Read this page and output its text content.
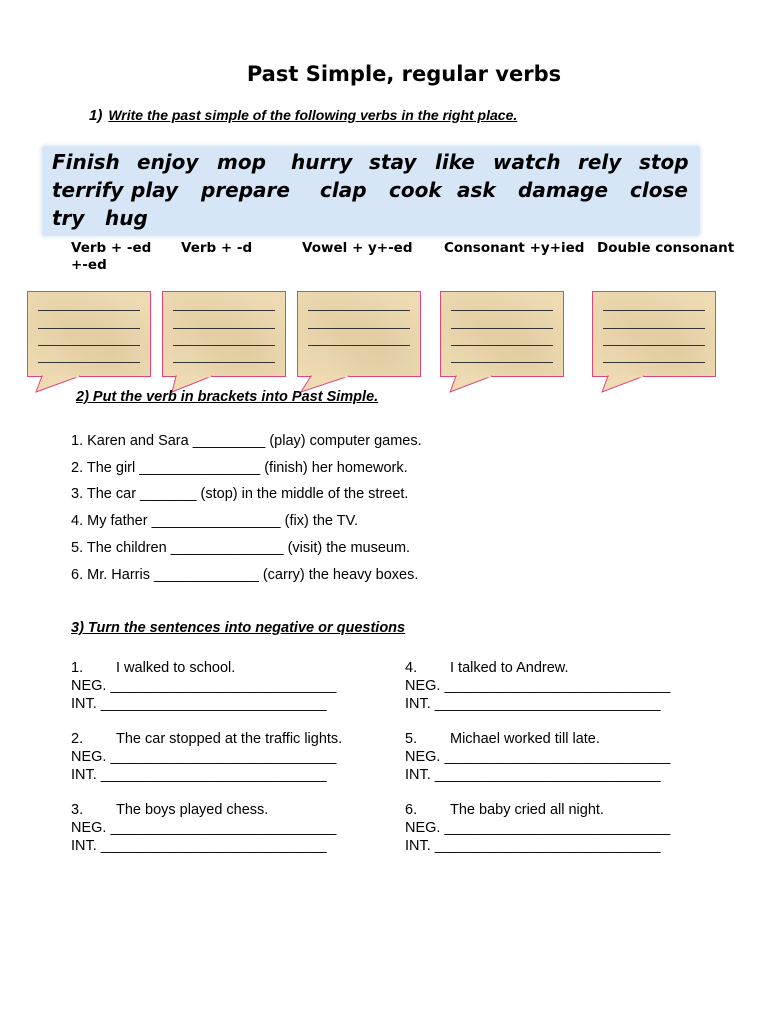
Past Simple, regular verbs
1) Write the past simple of the following verbs in the right place.
Finish enjoy mop hurry stay like watch rely stop
terrify play prepare clap cook ask damage close
try hug
Verb + -ed
+-ed
Verb + -d	Vowel + y+-ed Consonant +y+ied Double consonant
2) Put the verb in brackets into Past Simple.
1. Karen and Sara _________ (play) computer games.
2. The girl _______________ (finish) her homework.
3. The car _______ (stop) in the middle of the street.
4. My father ________________ (fix) the TV.
5. The children ______________ (visit) the museum.
6. Mr. Harris _____________ (carry) the heavy boxes.
3) Turn the sentences into negative or questions
1. I walked to school.
NEG. ____________________________
INT. ____________________________
2. The car stopped at the traffic lights.
NEG. ____________________________
INT. ____________________________
3. The boys played chess.
NEG. ____________________________
INT. ____________________________
4. I talked to Andrew.
NEG. ____________________________
INT. ____________________________
5. Michael worked till late.
NEG. ____________________________
INT. ____________________________
6. The baby cried all night.
NEG. ____________________________
INT. ____________________________
